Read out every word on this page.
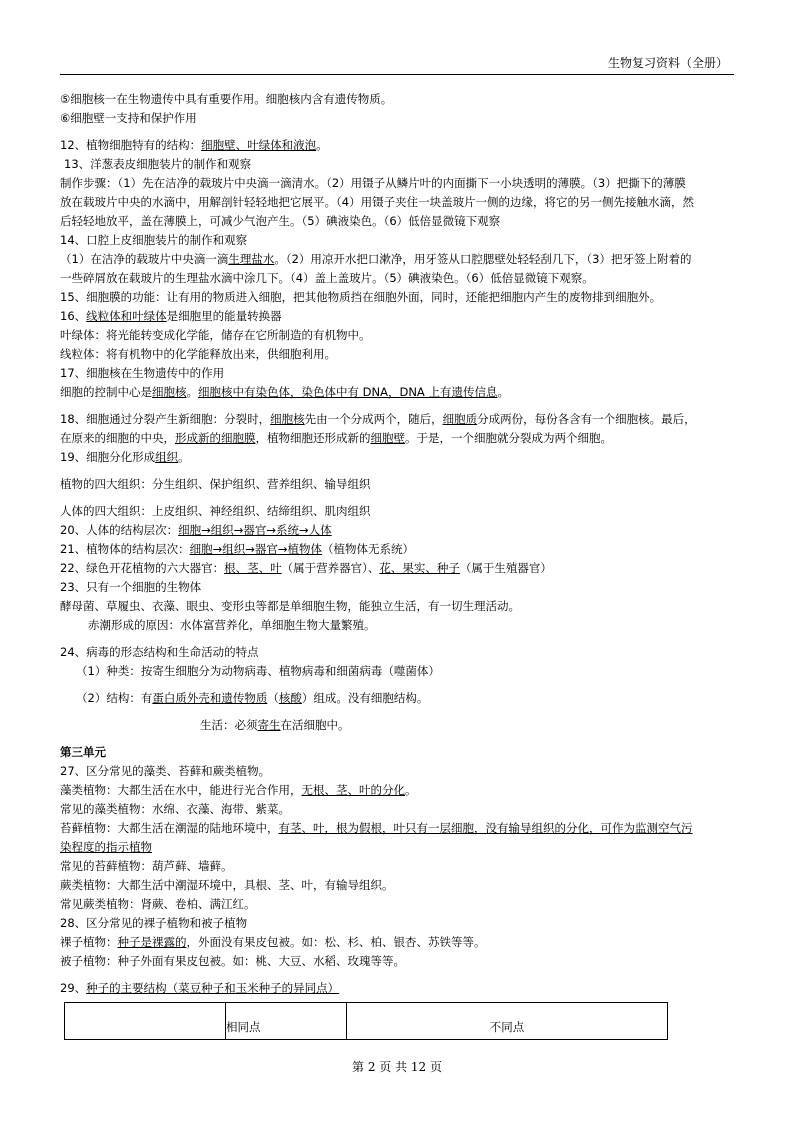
生物复习资料（全册）

⑤细胞核一在生物遗传中具有重要作用。细胞核内含有遗传物质。

⑥细胞壁一支持和保护作用

12、植物细胞特有的结构：细胞壁、叶绿体和液泡。

13、洋葱表皮细胞装片的制作和观察

制作步骤：（1）先在洁净的载玻片中央滴一滴清水。（2）用镊子从鳞片叶的内面撕下一小块透明的薄膜。（3）把撕下的薄膜

放在载玻片中央的水滴中，用解剖针轻轻地把它展平。（4）用镊子夹住一块盖玻片一侧的边缘，将它的另一侧先接触水滴，然

后轻轻地放平，盖在薄膜上，可减少气泡产生。（5）碘液染色。（6）低倍显微镜下观察

14、口腔上皮细胞装片的制作和观察

（1）在洁净的载玻片中央滴一滴生理盐水。（2）用凉开水把口漱净，用牙签从口腔腮壁处轻轻刮几下，（3）把牙签上附着的

一些碎屑放在载玻片的生理盐水滴中涂几下。（4）盖上盖玻片。（5）碘液染色。（6）低倍显微镜下观察。

15、细胞膜的功能：让有用的物质进入细胞，把其他物质挡在细胞外面，同时，还能把细胞内产生的废物排到细胞外。

16、线粒体和叶绿体是细胞里的能量转换器

叶绿体：将光能转变成化学能，储存在它所制造的有机物中。

线粒体：将有机物中的化学能释放出来，供细胞利用。

17、细胞核在生物遗传中的作用

细胞的控制中心是细胞核。细胞核中有染色体，染色体中有 DNA，DNA 上有遗传信息。

18、细胞通过分裂产生新细胞：分裂时，细胞核先由一个分成两个，随后，细胞质分成两份，每份各含有一个细胞核。最后，

在原来的细胞的中央，形成新的细胞膜，植物细胞还形成新的细胞壁。于是，一个细胞就分裂成为两个细胞。

19、细胞分化形成组织。

植物的四大组织：分生组织、保护组织、营养组织、输导组织

人体的四大组织：上皮组织、神经组织、结缔组织、肌肉组织

20、人体的结构层次：细胞→组织→器官→系统→人体

21、植物体的结构层次：细胞→组织→器官→植物体（植物体无系统）

22、绿色开花植物的六大器官：根、茎、叶（属于营养器官）、花、果实、种子（属于生殖器官）

23、只有一个细胞的生物体

酵母菌、草履虫、衣藻、眼虫、变形虫等都是单细胞生物，能独立生活，有一切生理活动。

赤潮形成的原因：水体富营养化，单细胞生物大量繁殖。

24、病毒的形态结构和生命活动的特点

（1）种类：按寄生细胞分为动物病毒、植物病毒和细菌病毒（噬菌体）

（2）结构：有蛋白质外壳和遗传物质（核酸）组成。没有细胞结构。

生活：必须寄生在活细胞中。

第三单元

27、区分常见的藻类、苔藓和蕨类植物。

藻类植物：大都生活在水中，能进行光合作用，无根、茎、叶的分化。

常见的藻类植物：水绵、衣藻、海带、紫菜。

苔藓植物：大都生活在潮湿的陆地环境中，有茎、叶，根为假根，叶只有一层细胞，没有输导组织的分化，可作为监测空气污

染程度的指示植物

常见的苔藓植物：葫芦藓、墙藓。

蕨类植物：大都生活中潮湿环境中，具根、茎、叶，有输导组织。

常见蕨类植物：肾蕨、卷柏、满江红。

28、区分常见的裸子植物和被子植物

裸子植物：种子是裸露的，外面没有果皮包被。如：松、杉、柏、银杏、苏铁等等。

被子植物：种子外面有果皮包被。如：桃、大豆、水稻、玫瑰等等。

29、种子的主要结构（菜豆种子和玉米种子的异同点）

	相同点	不同点
第 2 页 共 12 页
